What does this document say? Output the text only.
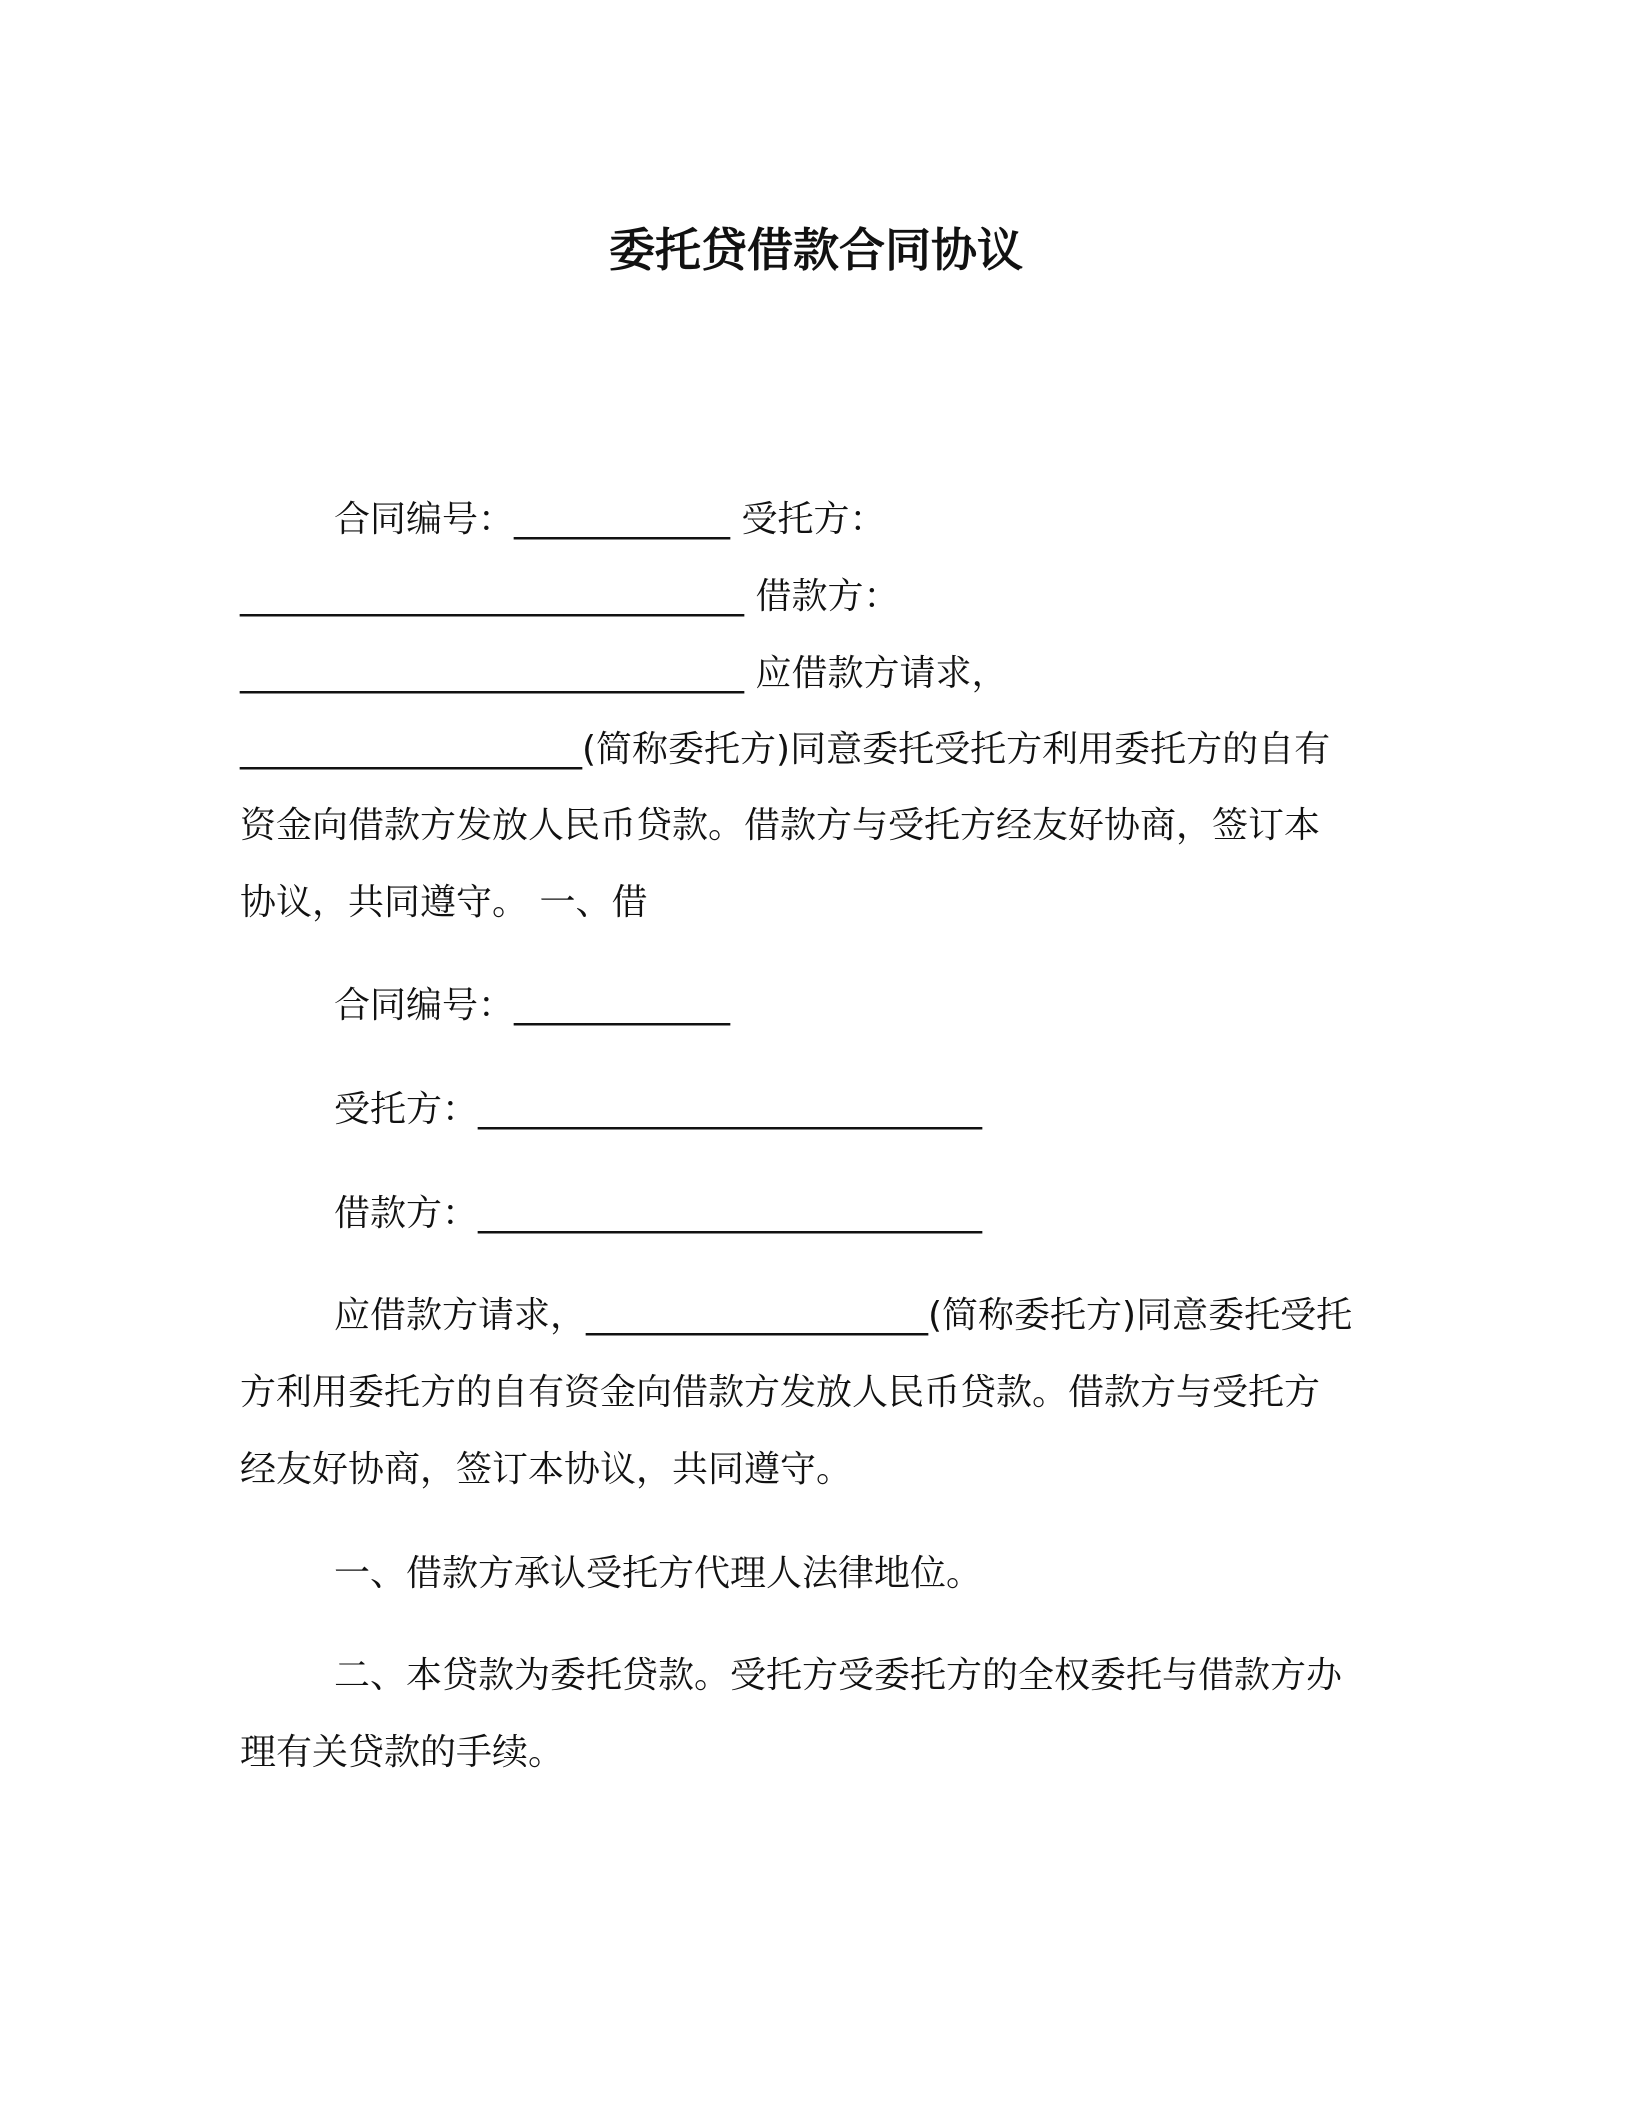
委托贷借款合同协议
合同编号：____________ 受托方：
____________________________ 借款方：
____________________________ 应借款方请求，
___________________(简称委托方)同意委托受托方利用委托方的自有
资金向借款方发放人民币贷款。借款方与受托方经友好协商，签订本
协议，共同遵守。 一、借
合同编号：____________
受托方：____________________________
借款方：____________________________
应借款方请求，___________________(简称委托方)同意委托受托
方利用委托方的自有资金向借款方发放人民币贷款。借款方与受托方
经友好协商，签订本协议，共同遵守。
一、借款方承认受托方代理人法律地位。
二、本贷款为委托贷款。受托方受委托方的全权委托与借款方办
理有关贷款的手续。
